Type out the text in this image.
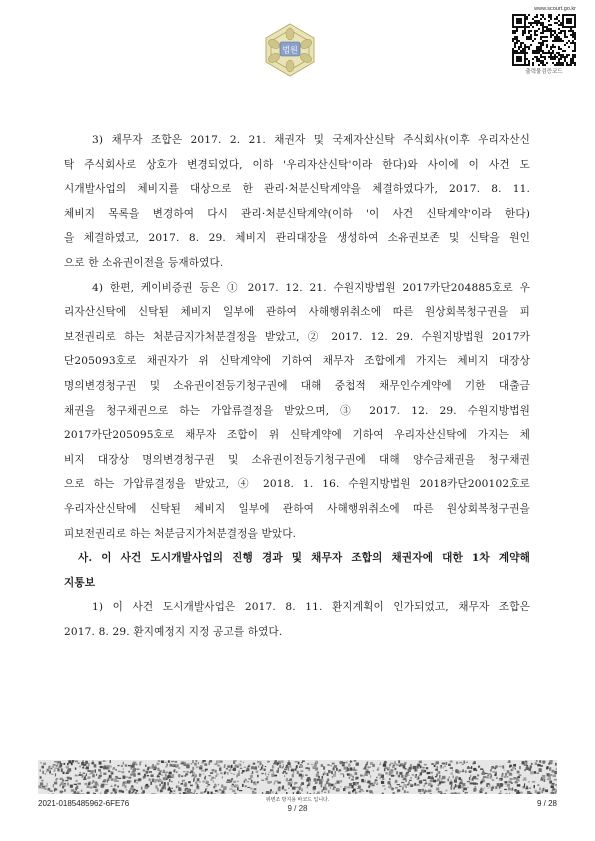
법원
www.scourt.go.kr
출력물검증코드
3) 채무자 조합은 2017. 2. 21. 채권자 및 국제자산신탁 주식회사(이후 우리자산신
탁 주식회사로 상호가 변경되었다, 이하 '우리자산신탁'이라 한다)와 사이에 이 사건 도
시개발사업의 체비지를 대상으로 한 관리·처분신탁계약을 체결하였다가, 2017. 8. 11.
체비지 목록을 변경하여 다시 관리·처분신탁계약(이하 '이 사건 신탁계약'이라 한다)
을 체결하였고, 2017. 8. 29. 체비지 관리대장을 생성하여 소유권보존 및 신탁을 원인
으로 한 소유권이전을 등재하였다.
4) 한편, 케이비증권 등은 ① 2017. 12. 21. 수원지방법원 2017카단204885호로 우
리자산신탁에 신탁된 체비지 일부에 관하여 사해행위취소에 따른 원상회복청구권을 피
보전권리로 하는 처분금지가처분결정을 받았고, ② 2017. 12. 29. 수원지방법원 2017카
단205093호로 채권자가 위 신탁계약에 기하여 채무자 조합에게 가지는 체비지 대장상
명의변경청구권 및 소유권이전등기청구권에 대해 중첩적 채무인수계약에 기한 대출금
채권을 청구채권으로 하는 가압류결정을 받았으며, ③ 2017. 12. 29. 수원지방법원
2017카단205095호로 채무자 조합이 위 신탁계약에 기하여 우리자산신탁에 가지는 체
비지 대장상 명의변경청구권 및 소유권이전등기청구권에 대해 양수금채권을 청구채권
으로 하는 가압류결정을 받았고, ④ 2018. 1. 16. 수원지방법원 2018카단200102호로
우리자산신탁에 신탁된 체비지 일부에 관하여 사해행위취소에 따른 원상회복청구권을
피보전권리로 하는 처분금지가처분결정을 받았다.
사. 이 사건 도시개발사업의 진행 경과 및 채무자 조합의 채권자에 대한 1차 계약해
지통보
1) 이 사건 도시개발사업은 2017. 8. 11. 환지계획이 인가되었고, 채무자 조합은
2017. 8. 29. 환지예정지 지정 공고를 하였다.
2021-0185485962-6FE76	위변조 방지용 바코드 입니다.
9 / 28
9 / 28
